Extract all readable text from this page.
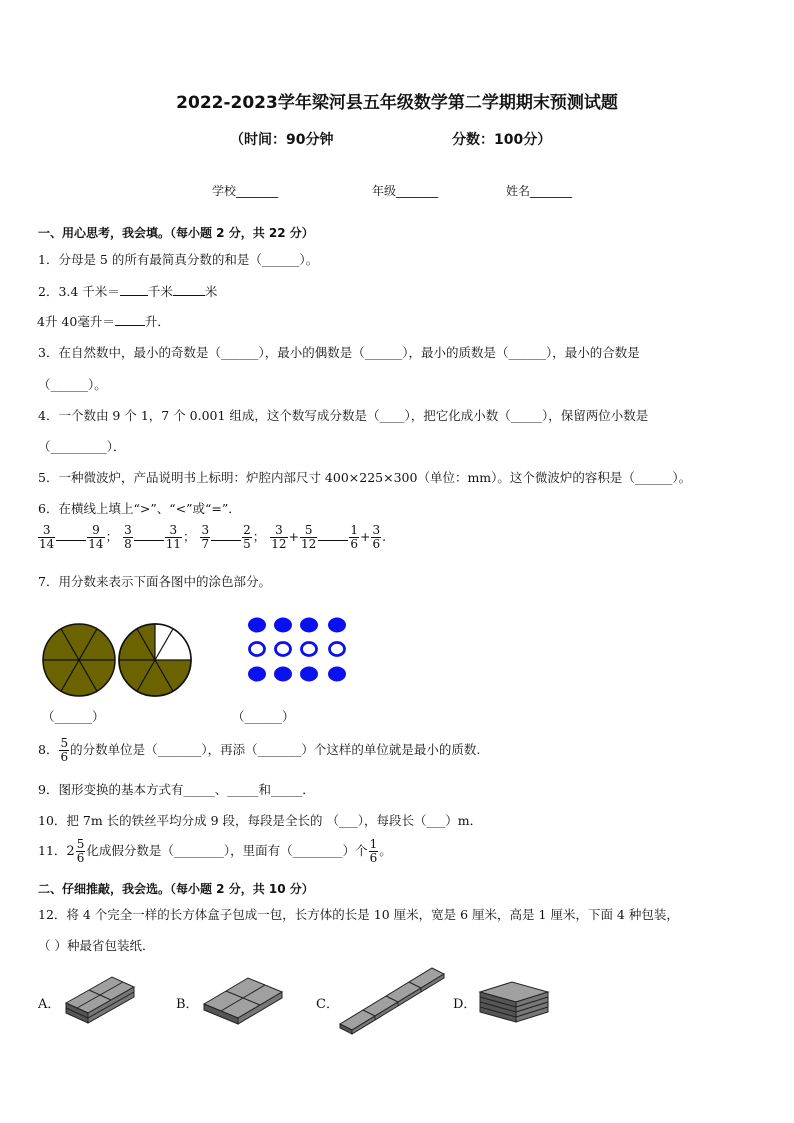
2022-2023学年梁河县五年级数学第二学期期末预测试题
（时间：90分钟	分数：100分）
学校_______	年级_______	姓名_______
一、用心思考，我会填。（每小题 2 分，共 22 分）
1．分母是 5 的所有最简真分数的和是（______）。
2．3.4 千米＝ 千米	米
4升 40毫升＝ 升．
3．在自然数中，最小的奇数是（______），最小的偶数是（______），最小的质数是（______），最小的合数是
（______）。
4．一个数由 9 个 1，7 个 0.001 组成，这个数写成分数是（____），把它化成小数（_____），保留两位小数是
（_________）．
5．一种微波炉，产品说明书上标明：炉腔内部尺寸 400×225×300（单位：mm）。这个微波炉的容积是（______）。
6．在横线上填上“>”、“<”或“=”．
$\frac{3}{14}$	$\frac{9}{14}$ ； $\frac{3}{8}$	$\frac{3}{11}$ ； $\frac{3}{7}$	$\frac{2}{5}$ ； $\frac{3}{12} + \frac{5}{12}$	$\frac{1}{6} + \frac{3}{6}$ .
7．用分数来表示下面各图中的涂色部分。
（______）	（______）
8． $\frac{5}{6}$ 的分数单位是（_______），再添（_______）个这样的单位就是最小的质数.
9．图形变换的基本方式有_____、_____和_____．
10．把 7m 长的铁丝平均分成 9 段，每段是全长的 （___），每段长（___）m．
11．$2 \frac{5}{6}$ 化成假分数是（________），里面有（________）个 $\frac{1}{6}$ 。
二、仔细推敲，我会选。（每小题 2 分，共 10 分）
12．将 4 个完全一样的长方体盒子包成一包，长方体的长是 10 厘米，宽是 6 厘米，高是 1 厘米，下面 4 种包装，
（ ）种最省包装纸．
A．	B．	C．	D．
